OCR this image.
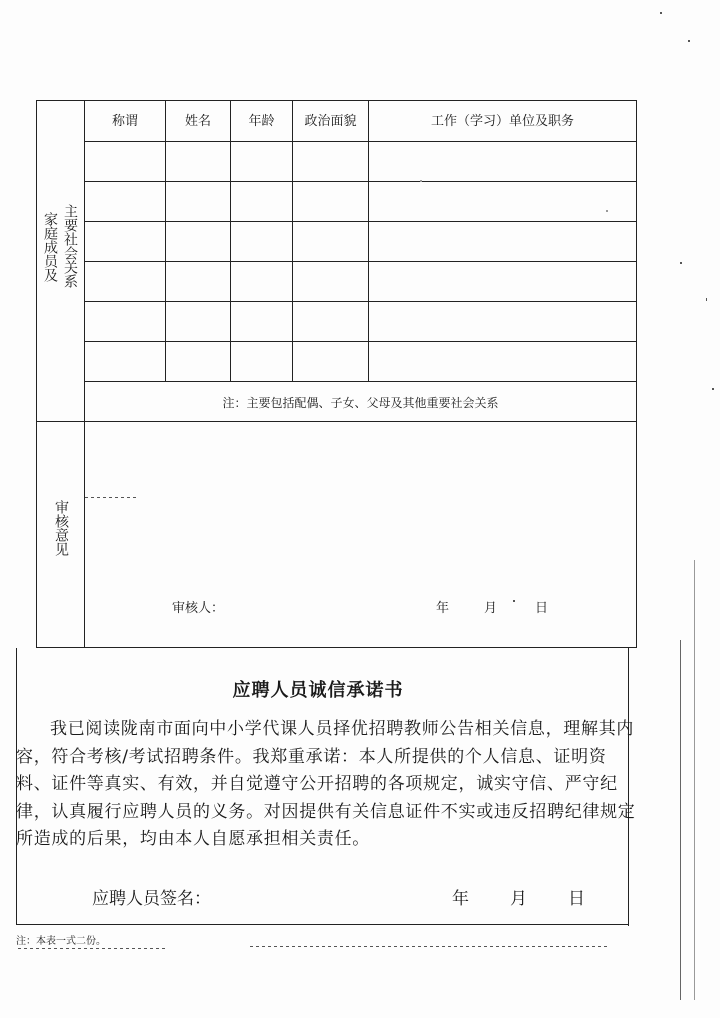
称谓	姓名	年龄	政治面貌	工作（学习）单位及职务
家庭成员及 主要社会关系
注：主要包括配偶、子女、父母及其他重要社会关系
审核意见
审核人：	年	月	日
应聘人员诚信承诺书
我已阅读陇南市面向中小学代课人员择优招聘教师公告相关信息，理解其内容，符合考核/考试招聘条件。我郑重承诺：本人所提供的个人信息、证明资料、证件等真实、有效，并自觉遵守公开招聘的各项规定，诚实守信、严守纪律，认真履行应聘人员的义务。对因提供有关信息证件不实或违反招聘纪律规定所造成的后果，均由本人自愿承担相关责任。
应聘人员签名：	年 月 日
注：本表一式二份。
